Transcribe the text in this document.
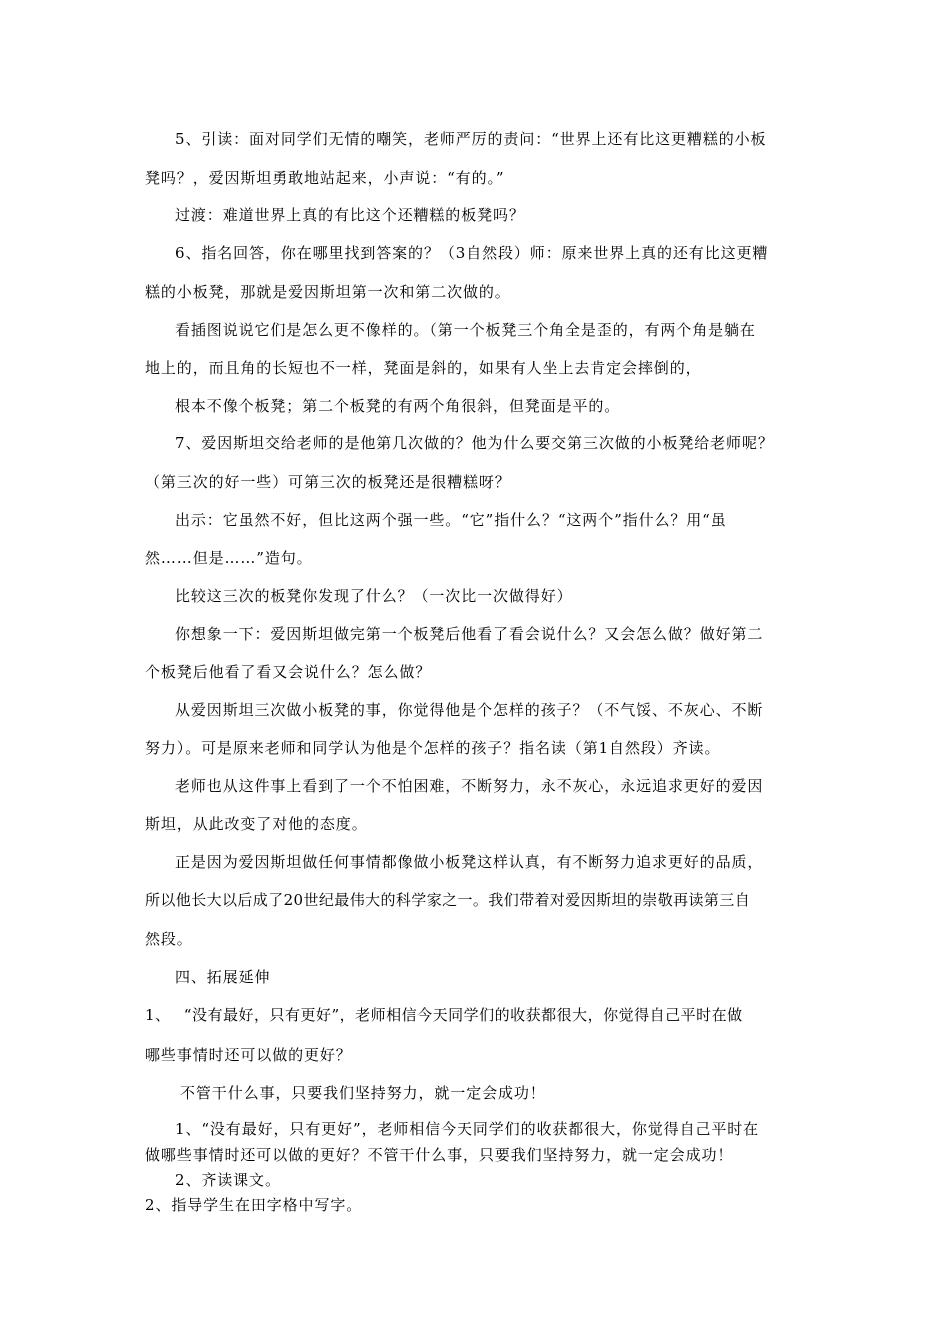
5、引读：面对同学们无情的嘲笑，老师严厉的责问：“世界上还有比这更糟糕的小板
凳吗？，爱因斯坦勇敢地站起来，小声说：“有的。”
过渡：难道世界上真的有比这个还糟糕的板凳吗？
6、指名回答，你在哪里找到答案的？（3自然段）师：原来世界上真的还有比这更糟
糕的小板凳，那就是爱因斯坦第一次和第二次做的。
看插图说说它们是怎么更不像样的。（第一个板凳三个角全是歪的，有两个角是躺在
地上的，而且角的长短也不一样，凳面是斜的，如果有人坐上去肯定会摔倒的，
根本不像个板凳；第二个板凳的有两个角很斜，但凳面是平的。
7、爱因斯坦交给老师的是他第几次做的？他为什么要交第三次做的小板凳给老师呢？
（第三次的好一些）可第三次的板凳还是很糟糕呀？
出示：它虽然不好，但比这两个强一些。“它”指什么？“这两个”指什么？用“虽
然……但是……”造句。
比较这三次的板凳你发现了什么？（一次比一次做得好）
你想象一下：爱因斯坦做完第一个板凳后他看了看会说什么？又会怎么做？做好第二
个板凳后他看了看又会说什么？怎么做？
从爱因斯坦三次做小板凳的事，你觉得他是个怎样的孩子？（不气馁、不灰心、不断
努力）。可是原来老师和同学认为他是个怎样的孩子？指名读（第1自然段）齐读。
老师也从这件事上看到了一个不怕困难，不断努力，永不灰心，永远追求更好的爱因
斯坦，从此改变了对他的态度。
正是因为爱因斯坦做任何事情都像做小板凳这样认真，有不断努力追求更好的品质，
所以他长大以后成了20世纪最伟大的科学家之一。我们带着对爱因斯坦的崇敬再读第三自
然段。
四、拓展延伸
1、　 “没有最好，只有更好”，老师相信今天同学们的收获都很大，你觉得自己平时在做
哪些事情时还可以做的更好？
不管干什么事，只要我们坚持努力，就一定会成功！
1、“没有最好，只有更好”，老师相信今天同学们的收获都很大，你觉得自己平时在
做哪些事情时还可以做的更好？不管干什么事，只要我们坚持努力，就一定会成功！
2、齐读课文。
2、指导学生在田字格中写字。
